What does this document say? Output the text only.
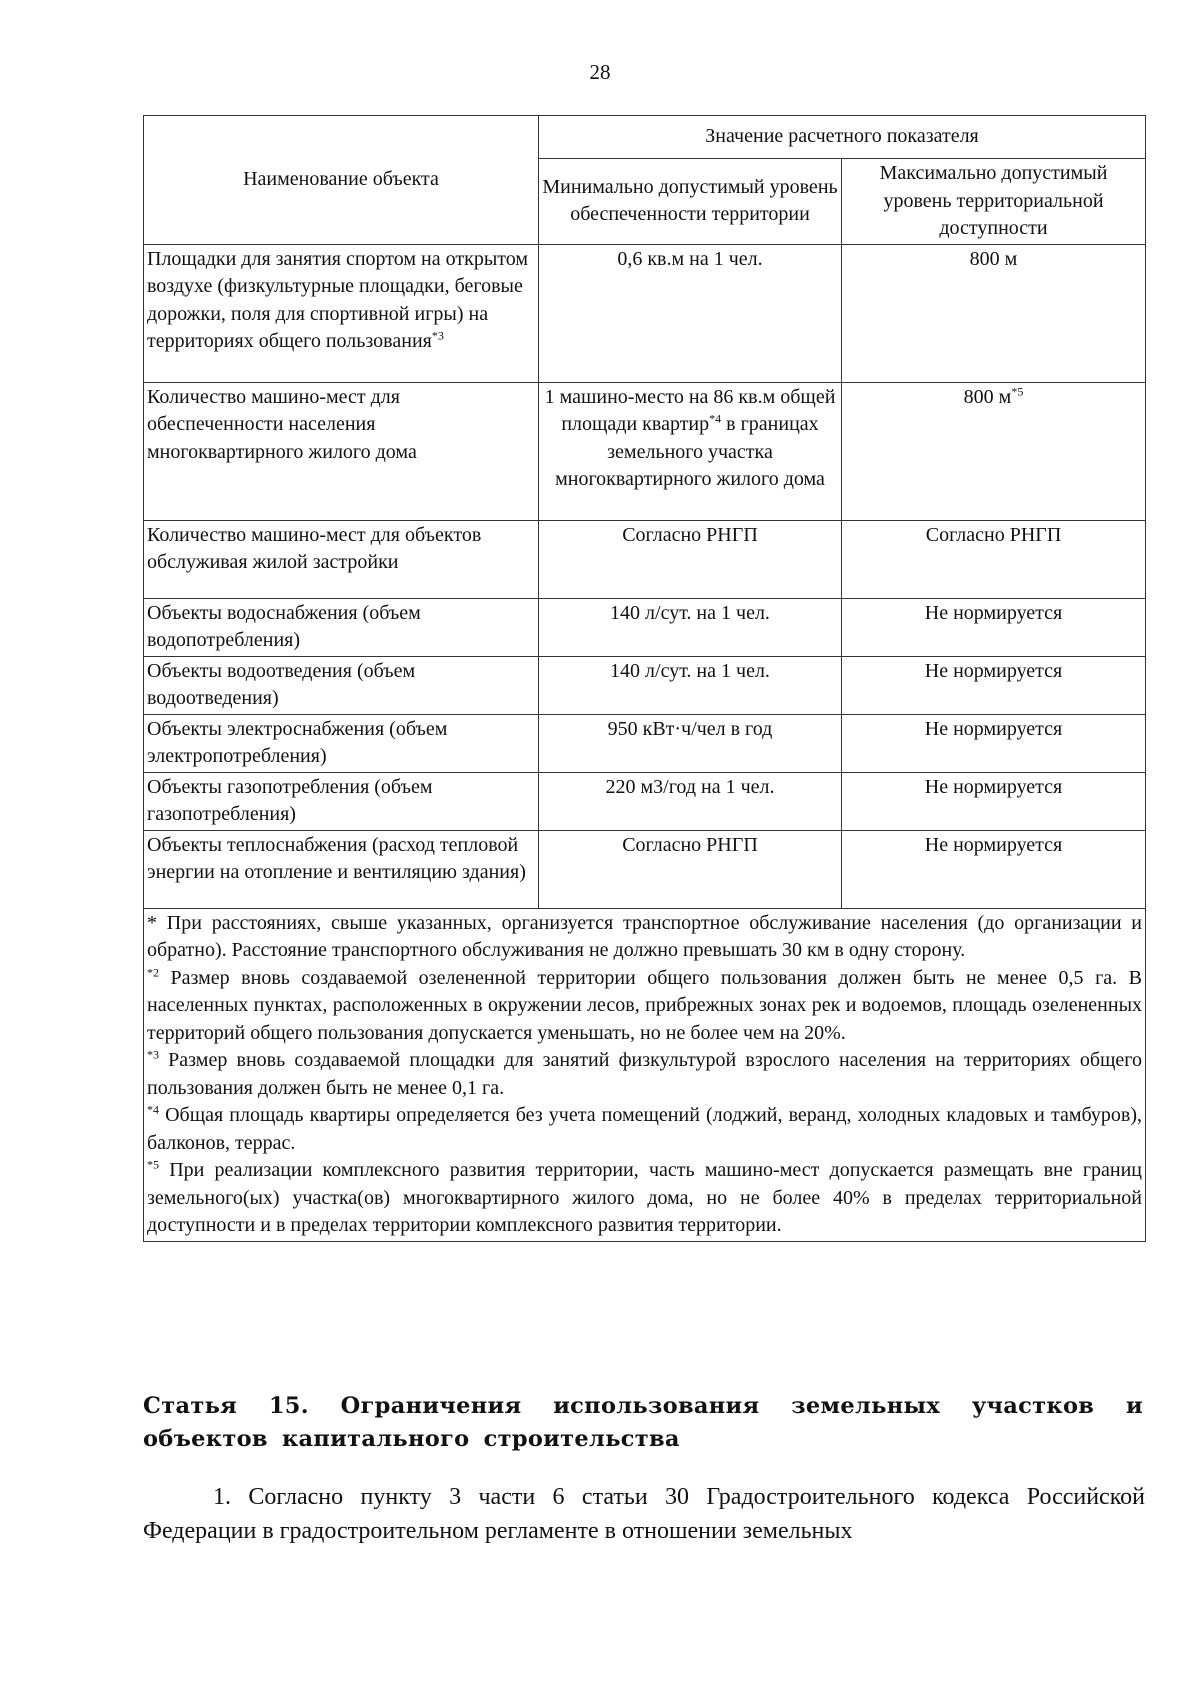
28
Наименование объекта	Значение расчетного показателя	
	Минимально допустимый уровень обеспеченности территории	Максимально допустимый уровень территориальной доступности
Площадки для занятия спортом на открытом воздухе (физкультурные площадки, беговые дорожки, поля для спортивной игры) на территориях общего пользования$^{*3}$	0,6 кв.м на 1 чел.	800 м
Количество машино-мест для обеспеченности населения многоквартирного жилого дома	1 машино-место на 86 кв.м общей площади квартир$^{*4}$ в границах земельного участка многоквартирного жилого дома	800 $м^{*5}$
Количество машино-мест для объектов обслуживая жилой застройки	Согласно РНГП	Согласно РНГП
Объекты водоснабжения (объем водопотребления)	140 л/сут. на 1 чел.	Не нормируется
Объекты водоотведения (объем водоотведения)	140 л/сут. на 1 чел.	Не нормируется
Объекты электроснабжения (объем электропотребления)	950 кВт·ч/чел в год	Не нормируется
Объекты газопотребления (объем газопотребления)	220 м3/год на 1 чел.	Не нормируется
Объекты теплоснабжения (расход тепловой энергии на отопление и вентиляцию здания)	Согласно РНГП	Не нормируется

* При расстояниях, свыше указанных, организуется транспортное обслуживание населения (до организации и обратно). Расстояние транспортного обслуживания не должно превышать 30 км в одну сторону.

$^{*2}$ Размер вновь создаваемой озелененной территории общего пользования должен быть не менее 0,5 га. В населенных пунктах, расположенных в окружении лесов, прибрежных зонах рек и водоемов, площадь озелененных территорий общего пользования допускается уменьшать, но не более чем на 20%.

$^{*3}$ Размер вновь создаваемой площадки для занятий физкультурой взрослого населения на территориях общего пользования должен быть не менее 0,1 га.

$^{*4}$ Общая площадь квартиры определяется без учета помещений (лоджий, веранд, холодных кладовых и тамбуров), балконов, террас.

$^{*5}$ При реализации комплексного развития территории, часть машино-мест допускается размещать вне границ земельного(ых) участка(ов) многоквартирного жилого дома, но не более 40% в пределах территориальной доступности и в пределах территории комплексного развития территории.		

Статья 15. Ограничения использования земельных участков и объектов капитального строительства
1. Согласно пункту 3 части 6 статьи 30 Градостроительного кодекса Российской Федерации в градостроительном регламенте в отношении земельных
